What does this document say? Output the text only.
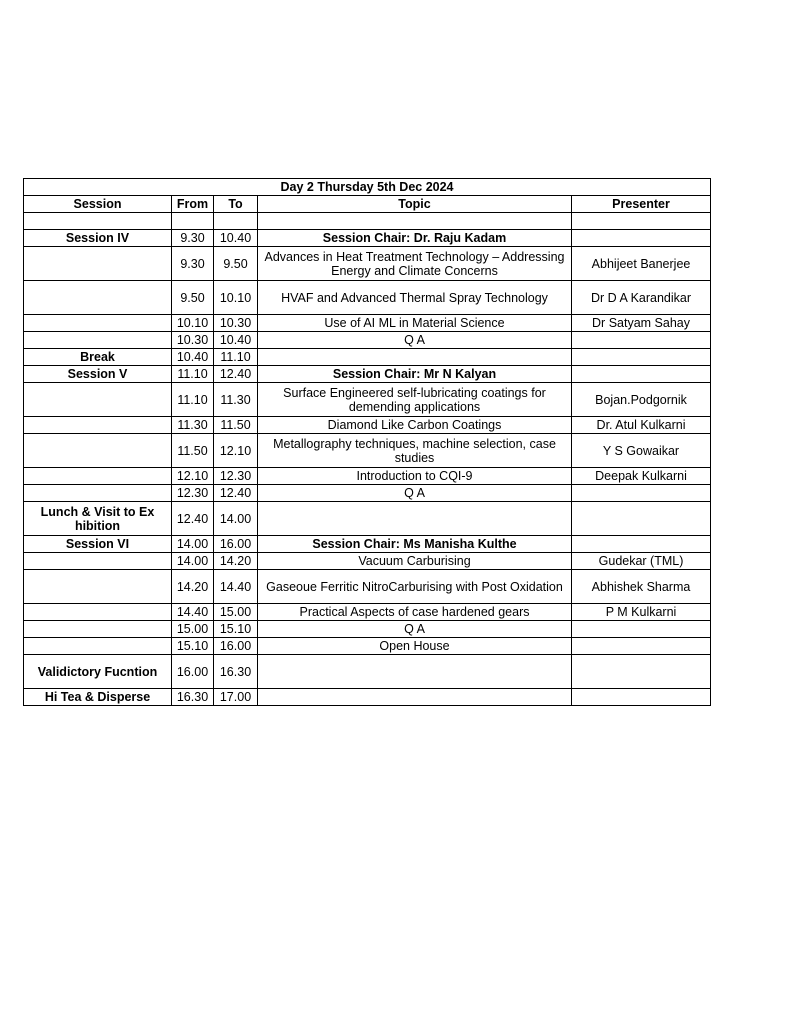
Day 2 Thursday 5th Dec 2024				
Session	From	To	Topic	Presenter

Session IV	9.30	10.40	Session Chair: Dr. Raju Kadam	
	9.30	9.50	Advances in Heat Treatment Technology – Addressing Energy and Climate Concerns	Abhijeet Banerjee
	9.50	10.10	HVAF and Advanced Thermal Spray Technology	Dr D A Karandikar
	10.10	10.30	Use of AI ML in Material Science	Dr Satyam Sahay
	10.30	10.40	Q A	
Break	10.40	11.10		
Session V	11.10	12.40	Session Chair: Mr N Kalyan	
	11.10	11.30	Surface Engineered self-lubricating coatings for demending applications	Bojan.Podgornik
	11.30	11.50	Diamond Like Carbon Coatings	Dr. Atul Kulkarni
	11.50	12.10	Metallography techniques, machine selection, case studies	Y S Gowaikar
	12.10	12.30	Introduction to CQI-9	Deepak Kulkarni
	12.30	12.40	Q A	
Lunch & Visit to Ex hibition	12.40	14.00		
Session VI	14.00	16.00	Session Chair: Ms Manisha Kulthe	
	14.00	14.20	Vacuum Carburising	Gudekar (TML)
	14.20	14.40	Gaseoue Ferritic NitroCarburising with Post Oxidation	Abhishek Sharma
	14.40	15.00	Practical Aspects of case hardened gears	P M Kulkarni
	15.00	15.10	Q A	
	15.10	16.00	Open House	
Validictory Fucntion	16.00	16.30		
Hi Tea & Disperse	16.30	17.00		
